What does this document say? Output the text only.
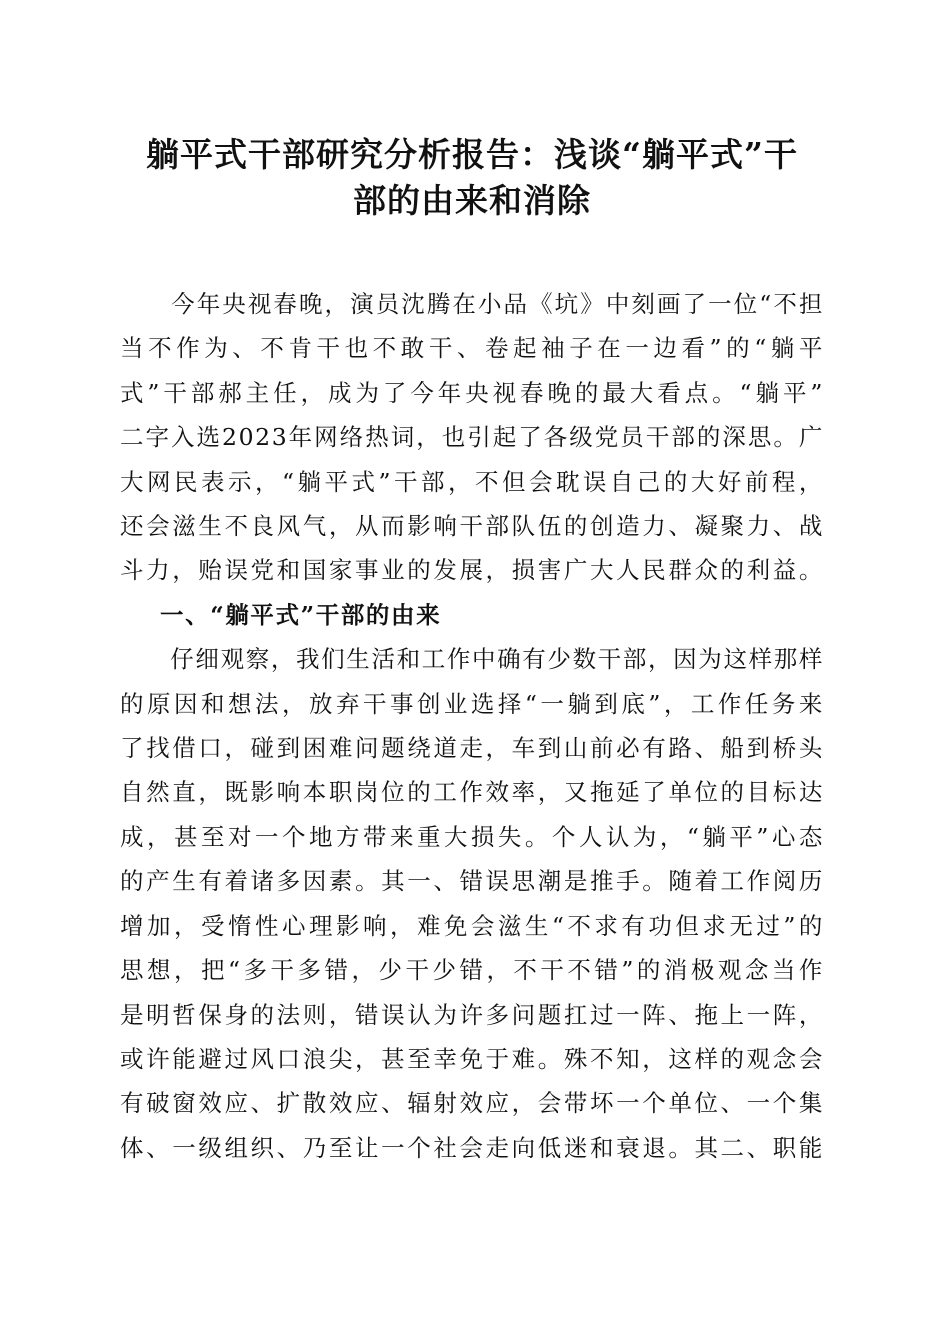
躺平式干部研究分析报告：浅谈“躺平式”干
部的由来和消除

　　今年央视春晚，演员沈腾在小品《坑》中刻画了一位“不担
当不作为、不肯干也不敢干、卷起袖子在一边看”的“躺平
式”干部郝主任，成为了今年央视春晚的最大看点。“躺平”
二字入选2023年网络热词，也引起了各级党员干部的深思。广
大网民表示，“躺平式”干部，不但会耽误自己的大好前程，
还会滋生不良风气，从而影响干部队伍的创造力、凝聚力、战
斗力，贻误党和国家事业的发展，损害广大人民群众的利益。

一、“躺平式”干部的由来

　　仔细观察，我们生活和工作中确有少数干部，因为这样那样
的原因和想法，放弃干事创业选择“一躺到底”，工作任务来
了找借口，碰到困难问题绕道走，车到山前必有路、船到桥头
自然直，既影响本职岗位的工作效率，又拖延了单位的目标达
成，甚至对一个地方带来重大损失。个人认为，“躺平”心态
的产生有着诸多因素。其一、错误思潮是推手。随着工作阅历
增加，受惰性心理影响，难免会滋生“不求有功但求无过”的
思想，把“多干多错，少干少错，不干不错”的消极观念当作
是明哲保身的法则，错误认为许多问题扛过一阵、拖上一阵，
或许能避过风口浪尖，甚至幸免于难。殊不知，这样的观念会
有破窗效应、扩散效应、辐射效应，会带坏一个单位、一个集
体、一级组织、乃至让一个社会走向低迷和衰退。其二、职能
